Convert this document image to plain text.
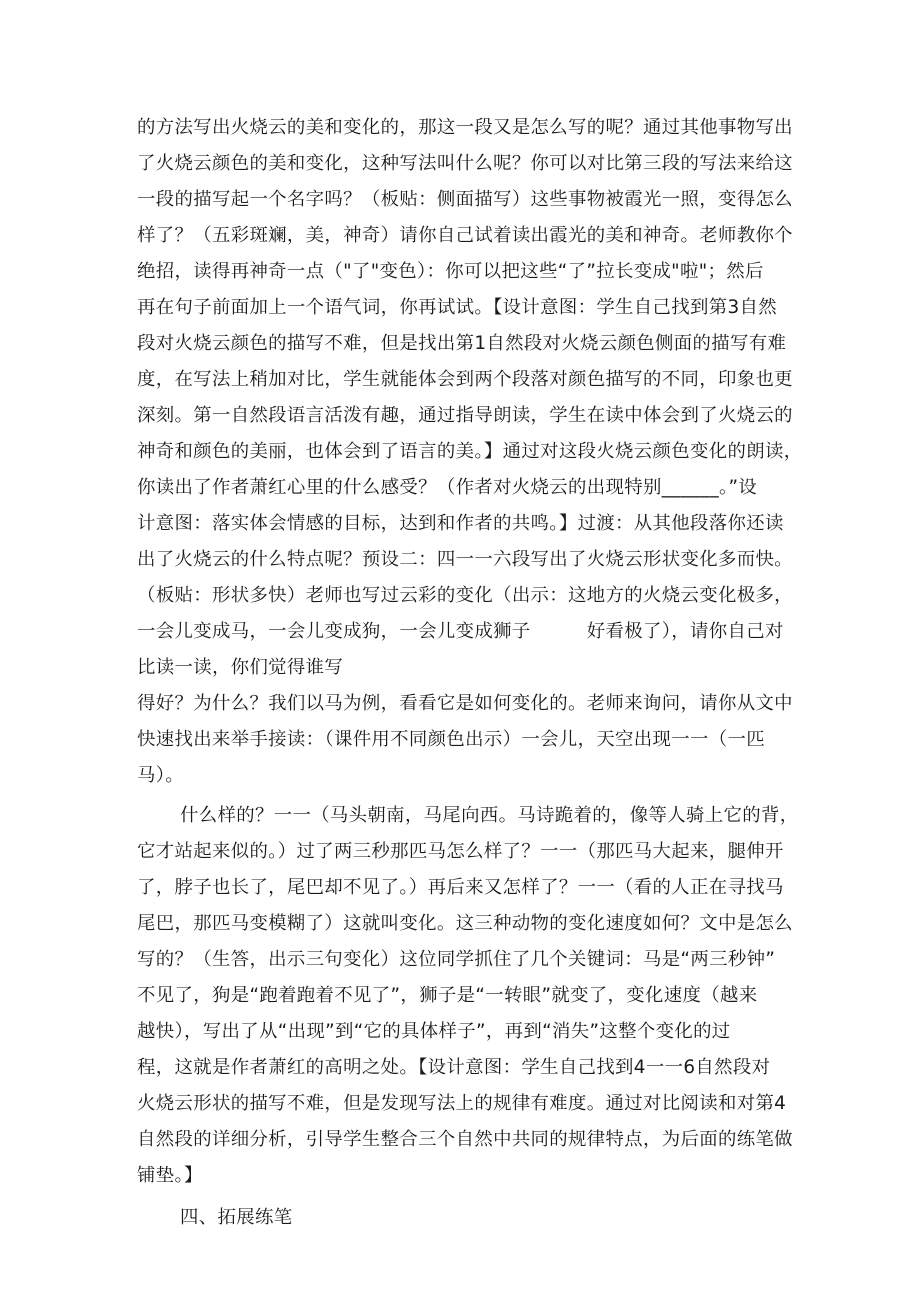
的方法写出火烧云的美和变化的，那这一段又是怎么写的呢？通过其他事物写出
了火烧云颜色的美和变化，这种写法叫什么呢？你可以对比第三段的写法来给这
一段的描写起一个名字吗？（板贴：侧面描写）这些事物被霞光一照，变得怎么
样了？（五彩斑斓，美，神奇）请你自己试着读出霞光的美和神奇。老师教你个
绝招，读得再神奇一点（"了"变色）：你可以把这些“了”拉长变成"啦"；然后
再在句子前面加上一个语气词，你再试试。【设计意图：学生自己找到第3自然
段对火烧云颜色的描写不难，但是找出第1自然段对火烧云颜色侧面的描写有难
度，在写法上稍加对比，学生就能体会到两个段落对颜色描写的不同，印象也更
深刻。第一自然段语言活泼有趣，通过指导朗读，学生在读中体会到了火烧云的
神奇和颜色的美丽，也体会到了语言的美。】通过对这段火烧云颜色变化的朗读，
你读出了作者萧红心里的什么感受？（作者对火烧云的出现特别______。”设
计意图：落实体会情感的目标，达到和作者的共鸣。】过渡：从其他段落你还读
出了火烧云的什么特点呢？预设二：四一一六段写出了火烧云形状变化多而快。
（板贴：形状多快）老师也写过云彩的变化（出示：这地方的火烧云变化极多，
一会儿变成马，一会儿变成狗，一会儿变成狮子　　　好看极了），请你自己对
比读一读，你们觉得谁写
得好？为什么？我们以马为例，看看它是如何变化的。老师来询问，请你从文中
快速找出来举手接读：（课件用不同颜色出示）一会儿，天空出现一一（一匹
马）。
什么样的？一一（马头朝南，马尾向西。马诗跪着的，像等人骑上它的背，
它才站起来似的。）过了两三秒那匹马怎么样了？一一（那匹马大起来，腿伸开
了，脖子也长了，尾巴却不见了。）再后来又怎样了？一一（看的人正在寻找马
尾巴，那匹马变模糊了）这就叫变化。这三种动物的变化速度如何？文中是怎么
写的？（生答，出示三句变化）这位同学抓住了几个关键词：马是“两三秒钟”
不见了，狗是“跑着跑着不见了”，狮子是“一转眼”就变了，变化速度（越来
越快），写出了从“出现”到“它的具体样子”，再到“消失”这整个变化的过
程，这就是作者萧红的高明之处。【设计意图：学生自己找到4一一6自然段对
火烧云形状的描写不难，但是发现写法上的规律有难度。通过对比阅读和对第4
自然段的详细分析，引导学生整合三个自然中共同的规律特点，为后面的练笔做
铺垫。】
四、拓展练笔
